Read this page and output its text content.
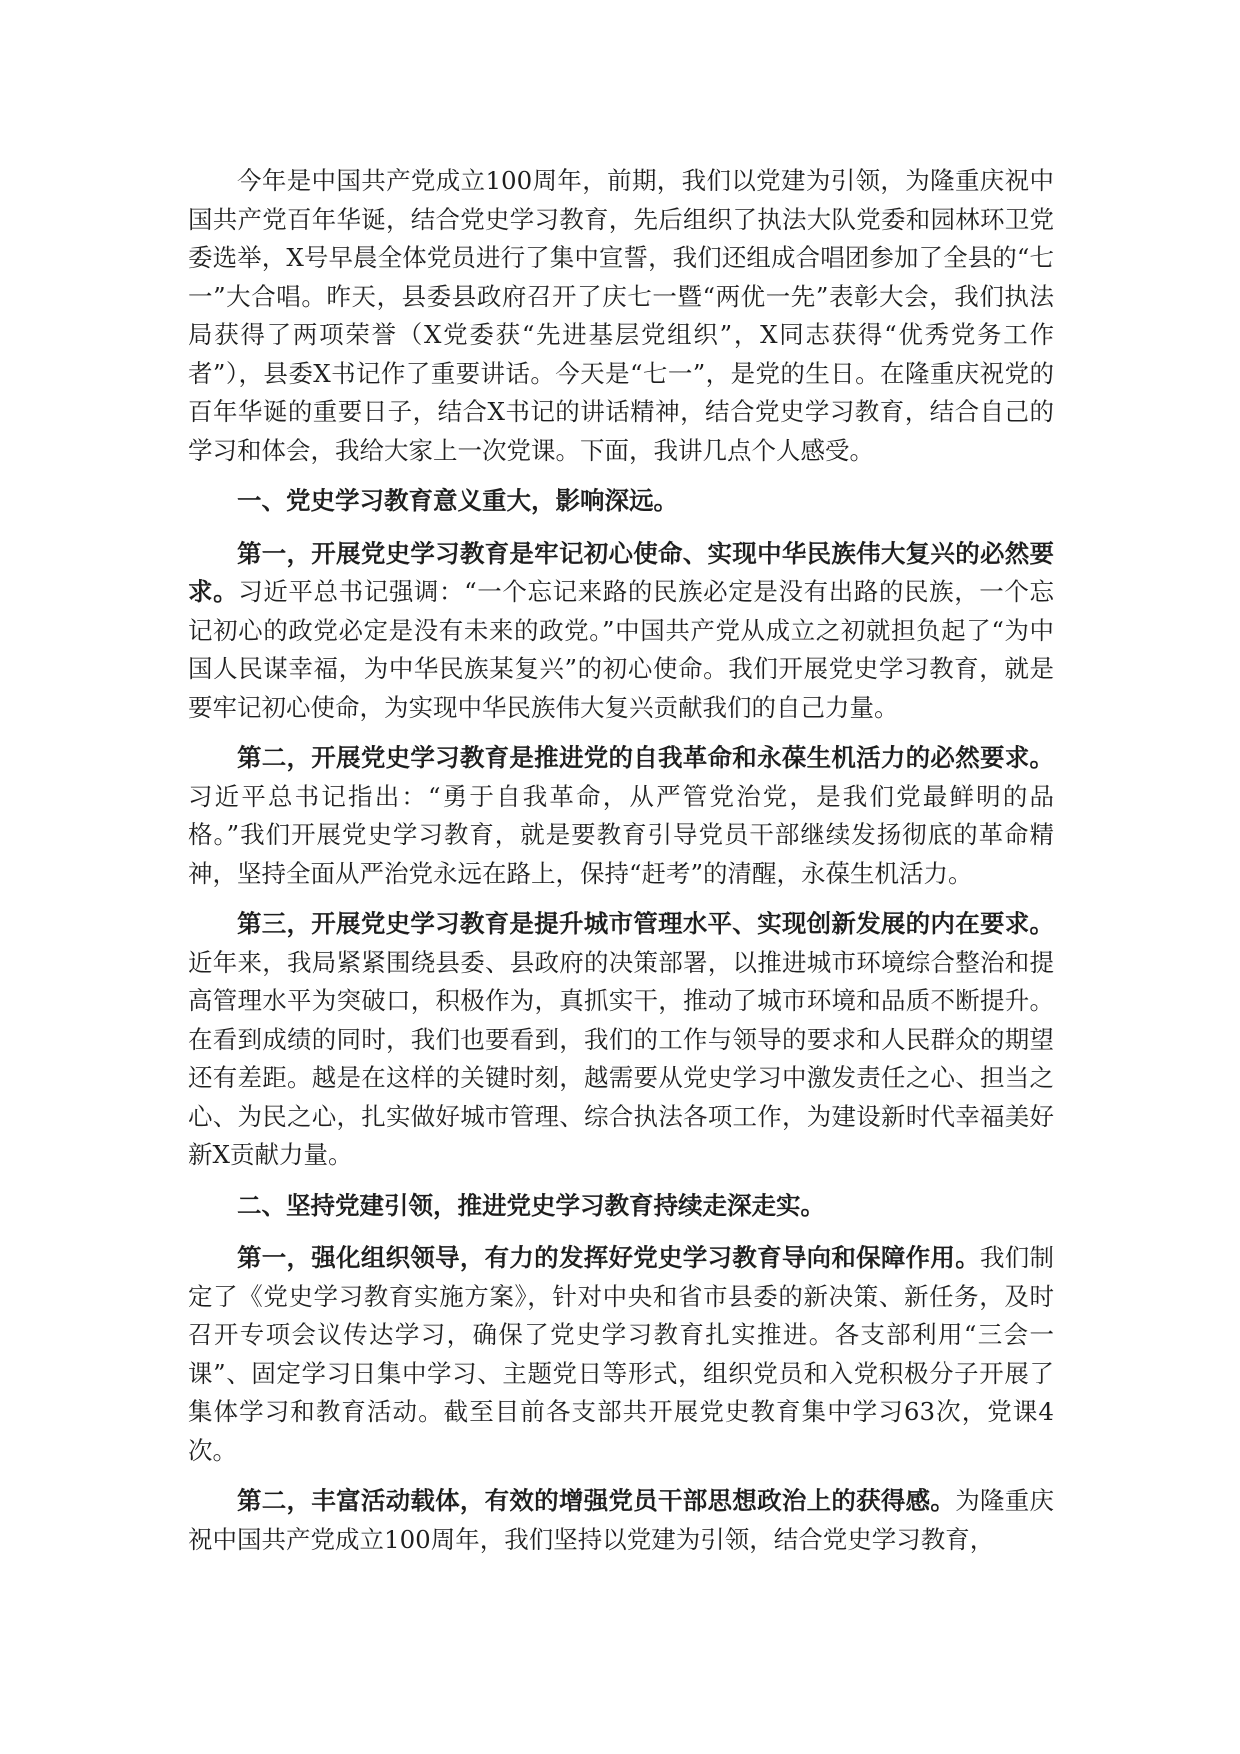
今年是中国共产党成立100周年，前期，我们以党建为引领，为隆重庆祝中国共产党百年华诞，结合党史学习教育，先后组织了执法大队党委和园林环卫党委选举，X号早晨全体党员进行了集中宣誓，我们还组成合唱团参加了全县的“七一”大合唱。昨天，县委县政府召开了庆七一暨“两优一先”表彰大会，我们执法局获得了两项荣誉（X党委获“先进基层党组织”，X同志获得“优秀党务工作者”），县委X书记作了重要讲话。今天是“七一”，是党的生日。在隆重庆祝党的百年华诞的重要日子，结合X书记的讲话精神，结合党史学习教育，结合自己的学习和体会，我给大家上一次党课。下面，我讲几点个人感受。

一、党史学习教育意义重大，影响深远。

第一，开展党史学习教育是牢记初心使命、实现中华民族伟大复兴的必然要求。习近平总书记强调：“一个忘记来路的民族必定是没有出路的民族，一个忘记初心的政党必定是没有未来的政党。”中国共产党从成立之初就担负起了“为中国人民谋幸福，为中华民族某复兴”的初心使命。我们开展党史学习教育，就是要牢记初心使命，为实现中华民族伟大复兴贡献我们的自己力量。

第二，开展党史学习教育是推进党的自我革命和永葆生机活力的必然要求。习近平总书记指出：“勇于自我革命，从严管党治党，是我们党最鲜明的品格。”我们开展党史学习教育，就是要教育引导党员干部继续发扬彻底的革命精神，坚持全面从严治党永远在路上，保持“赶考”的清醒，永葆生机活力。

第三，开展党史学习教育是提升城市管理水平、实现创新发展的内在要求。近年来，我局紧紧围绕县委、县政府的决策部署，以推进城市环境综合整治和提高管理水平为突破口，积极作为，真抓实干，推动了城市环境和品质不断提升。在看到成绩的同时，我们也要看到，我们的工作与领导的要求和人民群众的期望还有差距。越是在这样的关键时刻，越需要从党史学习中激发责任之心、担当之心、为民之心，扎实做好城市管理、综合执法各项工作，为建设新时代幸福美好新X贡献力量。

二、坚持党建引领，推进党史学习教育持续走深走实。

第一，强化组织领导，有力的发挥好党史学习教育导向和保障作用。我们制定了《党史学习教育实施方案》，针对中央和省市县委的新决策、新任务，及时召开专项会议传达学习，确保了党史学习教育扎实推进。各支部利用“三会一课”、固定学习日集中学习、主题党日等形式，组织党员和入党积极分子开展了集体学习和教育活动。截至目前各支部共开展党史教育集中学习63次，党课4次。

第二，丰富活动载体，有效的增强党员干部思想政治上的获得感。为隆重庆祝中国共产党成立100周年，我们坚持以党建为引领，结合党史学习教育，
